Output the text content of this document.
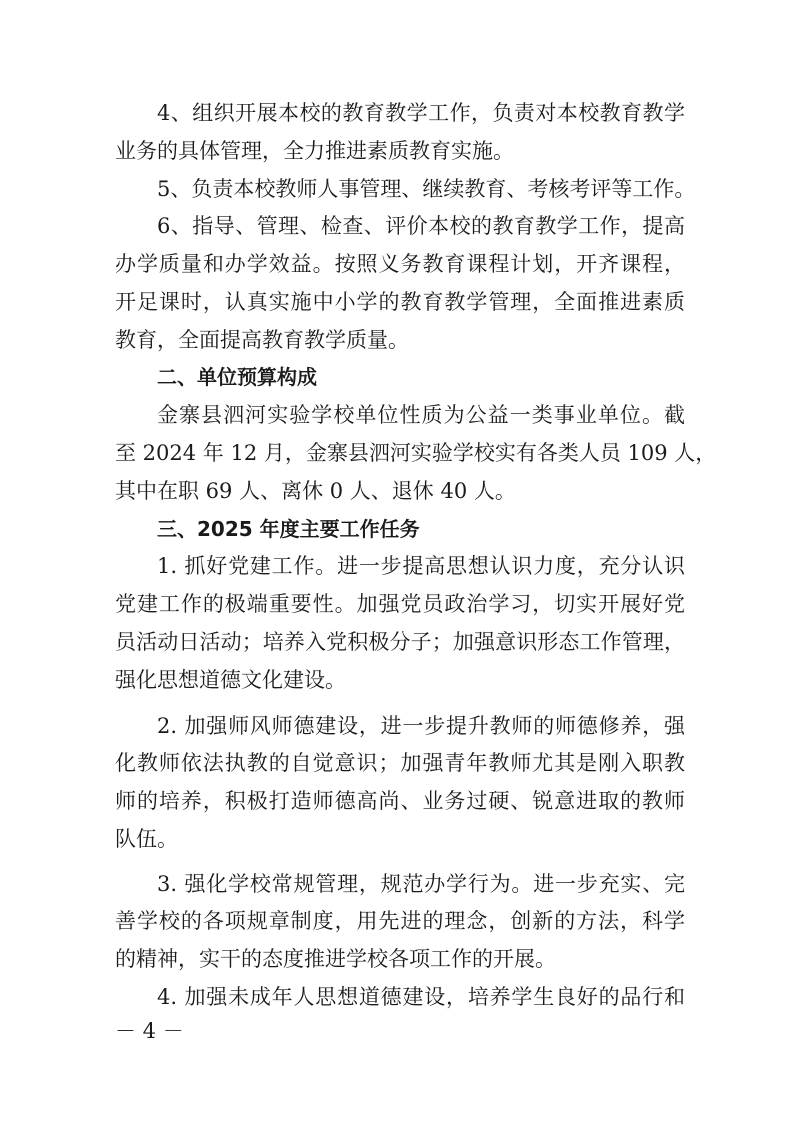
4、组织开展本校的教育教学工作，负责对本校教育教学
业务的具体管理，全力推进素质教育实施。
5、负责本校教师人事管理、继续教育、考核考评等工作。
6、指导、管理、检查、评价本校的教育教学工作，提高
办学质量和办学效益。按照义务教育课程计划，开齐课程，
开足课时，认真实施中小学的教育教学管理，全面推进素质
教育，全面提高教育教学质量。
二、单位预算构成
金寨县泗河实验学校单位性质为公益一类事业单位。截
至 2024 年 12 月，金寨县泗河实验学校实有各类人员 109 人，
其中在职 69 人、离休 0 人、退休 40 人。
三、2025 年度主要工作任务
1. 抓好党建工作。进一步提高思想认识力度，充分认识
党建工作的极端重要性。加强党员政治学习，切实开展好党
员活动日活动；培养入党积极分子；加强意识形态工作管理，
强化思想道德文化建设。
2. 加强师风师德建设，进一步提升教师的师德修养，强
化教师依法执教的自觉意识；加强青年教师尤其是刚入职教
师的培养，积极打造师德高尚、业务过硬、锐意进取的教师
队伍。
3. 强化学校常规管理，规范办学行为。进一步充实、完
善学校的各项规章制度，用先进的理念，创新的方法，科学
的精神，实干的态度推进学校各项工作的开展。
4. 加强未成年人思想道德建设，培养学生良好的品行和
－ 4 －
